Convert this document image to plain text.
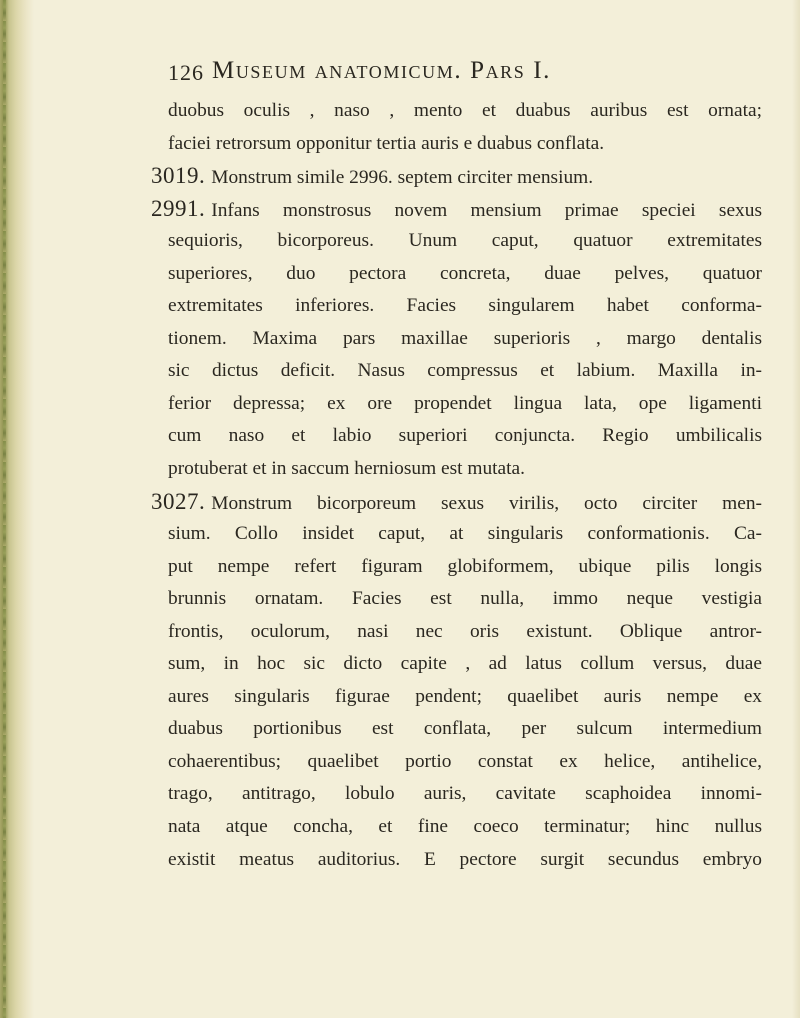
126 Museum anatomicum. Pars I.
duobus oculis , naso , mento et duabus auribus est ornata;
faciei retrorsum opponitur tertia auris e duabus conflata.
3019. Monstrum simile 2996. septem circiter mensium.
2991. Infans monstrosus novem mensium primae speciei sexus
sequioris, bicorporeus. Unum caput, quatuor extremitates
superiores, duo pectora concreta, duae pelves, quatuor
extremitates inferiores. Facies singularem habet conforma-
tionem. Maxima pars maxillae superioris , margo dentalis
sic dictus deficit. Nasus compressus et labium. Maxilla in-
ferior depressa; ex ore propendet lingua lata, ope ligamenti
cum naso et labio superiori conjuncta. Regio umbilicalis
protuberat et in saccum herniosum est mutata.
3027. Monstrum bicorporeum sexus virilis, octo circiter men-
sium. Collo insidet caput, at singularis conformationis. Ca-
put nempe refert figuram globiformem, ubique pilis longis
brunnis ornatam. Facies est nulla, immo neque vestigia
frontis, oculorum, nasi nec oris existunt. Oblique antror-
sum, in hoc sic dicto capite , ad latus collum versus, duae
aures singularis figurae pendent; quaelibet auris nempe ex
duabus portionibus est conflata, per sulcum intermedium
cohaerentibus; quaelibet portio constat ex helice, antihelice,
trago, antitrago, lobulo auris, cavitate scaphoidea innomi-
nata atque concha, et fine coeco terminatur; hinc nullus
existit meatus auditorius. E pectore surgit secundus embryo
